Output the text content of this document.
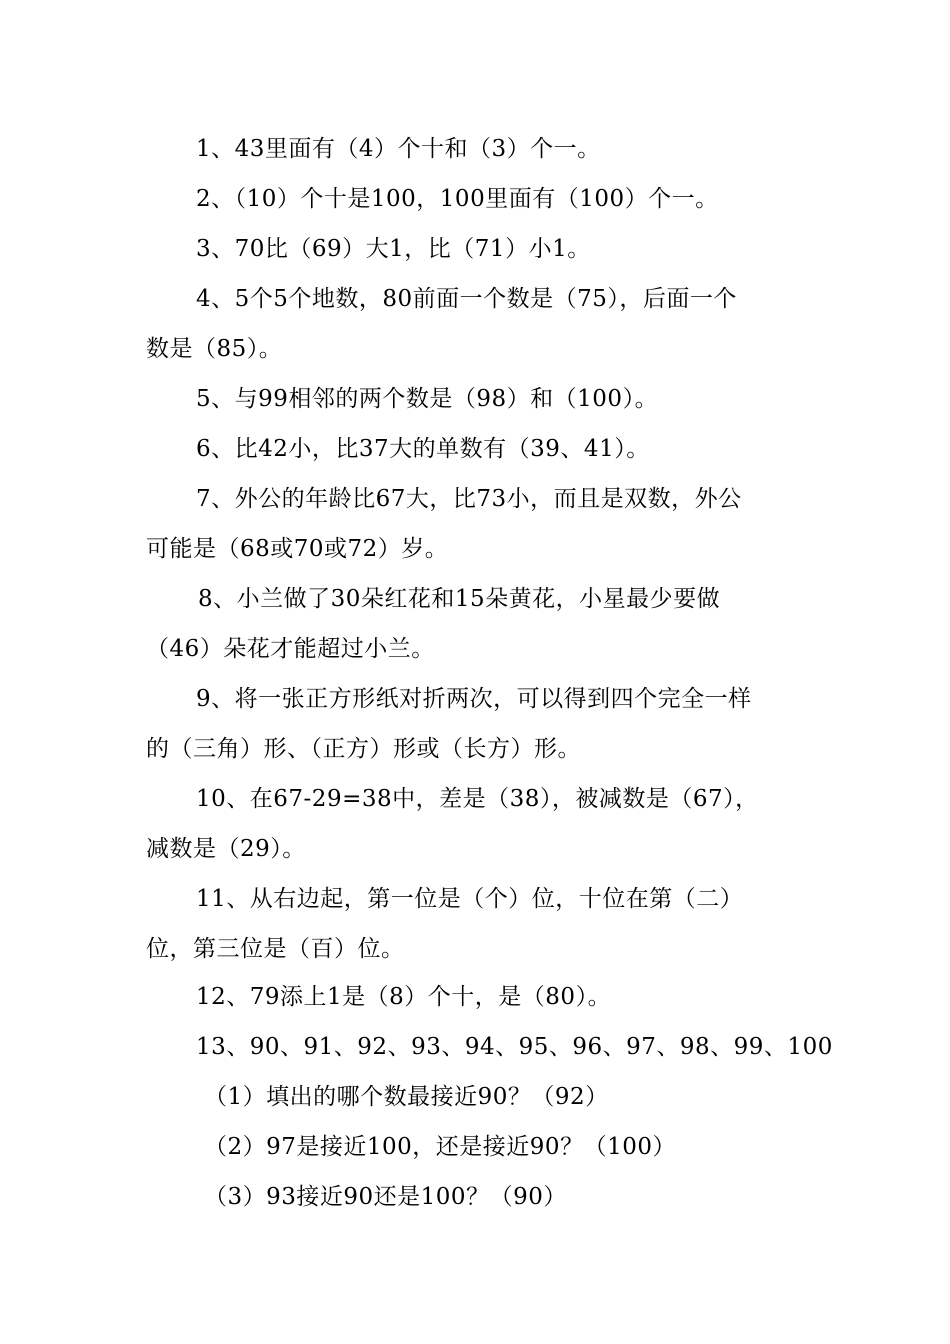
1、43里面有（4）个十和（3）个一。
2、（10）个十是100，100里面有（100）个一。
3、70比（69）大1，比（71）小1。
4、5个5个地数，80前面一个数是（75），后面一个
数是（85）。
5、与99相邻的两个数是（98）和（100）。
6、比42小，比37大的单数有（39、41）。
7、外公的年龄比67大，比73小，而且是双数，外公
可能是（68或70或72）岁。
8、小兰做了30朵红花和15朵黄花，小星最少要做
（46）朵花才能超过小兰。
9、将一张正方形纸对折两次，可以得到四个完全一样
的（三角）形、（正方）形或（长方）形。
10、在67-29=38中，差是（38），被减数是（67），
减数是（29）。
11、从右边起，第一位是（个）位，十位在第（二）
位，第三位是（百）位。
12、79添上1是（8）个十，是（80）。
13、90、91、92、93、94、95、96、97、98、99、100
（1）填出的哪个数最接近90？（92）
（2）97是接近100，还是接近90？（100）
（3）93接近90还是100？（90）
